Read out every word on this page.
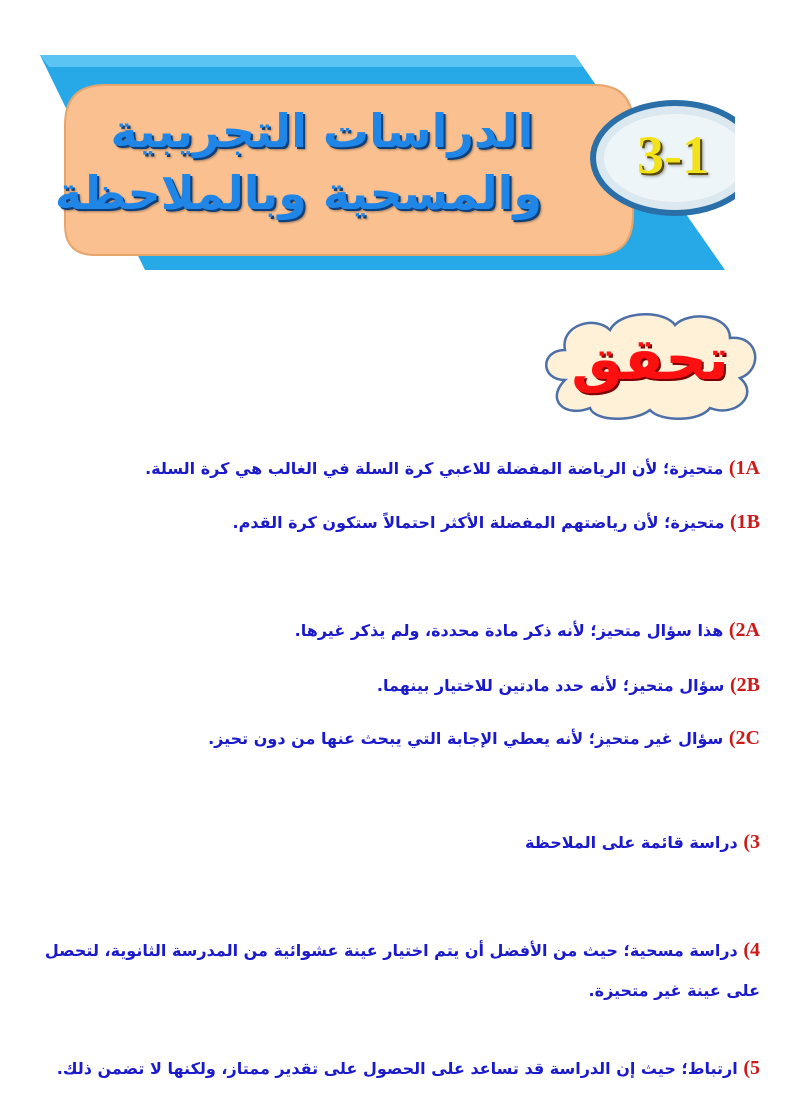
الدراسات التجريبية
والمسحية وبالملاحظة
3-1
تحقق
1A) متحيزة؛ لأن الرياضة المفضلة للاعبي كرة السلة في الغالب هي كرة السلة.
1B) متحيزة؛ لأن رياضتهم المفضلة الأكثر احتمالاً ستكون كرة القدم.
2A) هذا سؤال متحيز؛ لأنه ذكر مادة محددة، ولم يذكر غيرها.
2B) سؤال متحيز؛ لأنه حدد مادتين للاختيار بينهما.
2C) سؤال غير متحيز؛ لأنه يعطي الإجابة التي يبحث عنها من دون تحيز.
3) دراسة قائمة على الملاحظة
4) دراسة مسحية؛ حيث من الأفضل أن يتم اختيار عينة عشوائية من المدرسة الثانوية، لتحصل على عينة غير متحيزة.
5) ارتباط؛ حيث إن الدراسة قد تساعد على الحصول على تقدير ممتاز، ولكنها لا تضمن ذلك.
